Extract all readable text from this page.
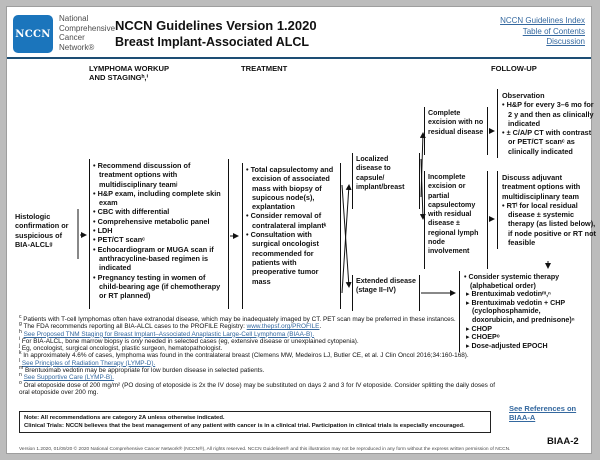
NCCN
National
Comprehensive
Cancer
Network®
NCCN Guidelines Version 1.2020
Breast Implant-Associated ALCL
NCCN Guidelines Index
Table of Contents
Discussion
LYMPHOMA WORKUP
AND STAGINGʰ,ⁱ
TREATMENT	FOLLOW-UP
Histologic confirmation or suspicious of BIA-ALCLᵍ
• Recommend discussion of treatment options with multidisciplinary teamʲ
• H&P exam, including complete skin exam
• CBC with differential
• Comprehensive metabolic panel
• LDH
• PET/CT scanᶜ
• Echocardiogram or MUGA scan if anthracycline-based regimen is indicated
• Pregnancy testing in women of child-bearing age (if chemotherapy or RT planned)
• Total capsulectomy and excision of associated mass with biopsy of supicous node(s), explantation
• Consider removal of contralateral implantᵏ
• Consultation with surgical oncologist recommended for patients with preoperative tumor mass
Localized disease to capsule/ implant/breast
Extended disease (stage II–IV)
Complete excision with no residual disease
Incomplete excision or partial capsulectomy with residual disease ± regional lymph node involvement
Observation
• H&P for every 3–6 mo for 2 y and then as clinically indicated
• ± C/A/P CT with contrast or PET/CT scanᶜ as clinically indicated
Discuss adjuvant treatment options with multidisciplinary team
• RTˡ for local residual disease ± systemic therapy (as listed below), if node positive or RT not feasible
• Consider systemic therapy (alphabetical order)
▸ Brentuximab vedotinᵐ,ⁿ
▸ Brentuximab vedotin + CHP (cyclophosphamide, doxorubicin, and prednisone)ⁿ
▸ CHOP
▸ CHOEPᵒ
▸ Dose-adjusted EPOCH
$^c$ Patients with T-cell lymphomas often have extranodal disease, which may be inadequately imaged by CT. PET scan may be preferred in these instances.
$^g$ The FDA recommends reporting all BIA-ALCL cases to the PROFILE Registry: www.thepsf.org/PROFILE.
$^h$ See Proposed TNM Staging for Breast Implant–Associated Anaplastic Large-Cell Lymphoma (BIAA-B).
$^i$ For BIA-ALCL, bone marrow biopsy is only needed in selected cases (eg, extensive disease or unexplained cytopenia).
$^j$ Eg, oncologist, surgical oncologist, plastic surgeon, hematopathologist.
$^k$ In approximately 4.6% of cases, lymphoma was found in the contralateral breast (Clemens MW, Medeiros LJ, Butler CE, et al. J Clin Oncol 2016;34:160-168).
$^l$ See Principles of Radiation Therapy (LYMP-D).
$^m$ Brentuximab vedotin may be appropriate for low burden disease in selected patients.
$^n$ See Supportive Care (LYMP-B).
$^o$ Oral etoposide dose of 200 mg/m² (PO dosing of etoposide is 2x the IV dose) may be substituted on days 2 and 3 for IV etoposide. Consider splitting the daily doses of oral etoposide over 200 mg.
Note: All recommendations are category 2A unless otherwise indicated.
Clinical Trials: NCCN believes that the best management of any patient with cancer is in a clinical trial. Participation in clinical trials is especially encouraged.
See References on BIAA-A
Version 1.2020, 01/09/20 © 2020 National Comprehensive Cancer Network® (NCCN®), All rights reserved. NCCN Guidelines® and this illustration may not be reproduced in any form without the express written permission of NCCN.
BIAA-2
